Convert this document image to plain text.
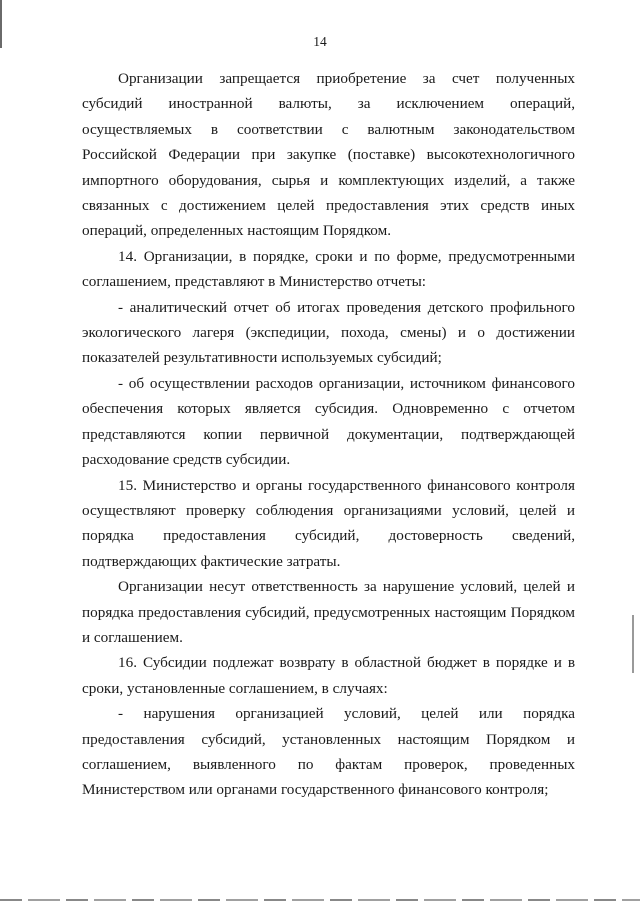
14

Организации запрещается приобретение за счет полученных субсидий иностранной валюты, за исключением операций, осуществляемых в соответствии с валютным законодательством Российской Федерации при закупке (поставке) высокотехнологичного импортного оборудования, сырья и комплектующих изделий, а также связанных с достижением целей предоставления этих средств иных операций, определенных настоящим Порядком.

14. Организации, в порядке, сроки и по форме, предусмотренными соглашением, представляют в Министерство отчеты:

- аналитический отчет об итогах проведения детского профильного экологического лагеря (экспедиции, похода, смены) и о достижении показателей результативности используемых субсидий;

- об осуществлении расходов организации, источником финансового обеспечения которых является субсидия. Одновременно с отчетом представляются копии первичной документации, подтверждающей расходование средств субсидии.

15. Министерство и органы государственного финансового контроля осуществляют проверку соблюдения организациями условий, целей и порядка предоставления субсидий, достоверность сведений, подтверждающих фактические затраты.

Организации несут ответственность за нарушение условий, целей и порядка предоставления субсидий, предусмотренных настоящим Порядком и соглашением.

16. Субсидии подлежат возврату в областной бюджет в порядке и в сроки, установленные соглашением, в случаях:

- нарушения организацией условий, целей или порядка предоставления субсидий, установленных настоящим Порядком и соглашением, выявленного по фактам проверок, проведенных Министерством или органами государственного финансового контроля;
